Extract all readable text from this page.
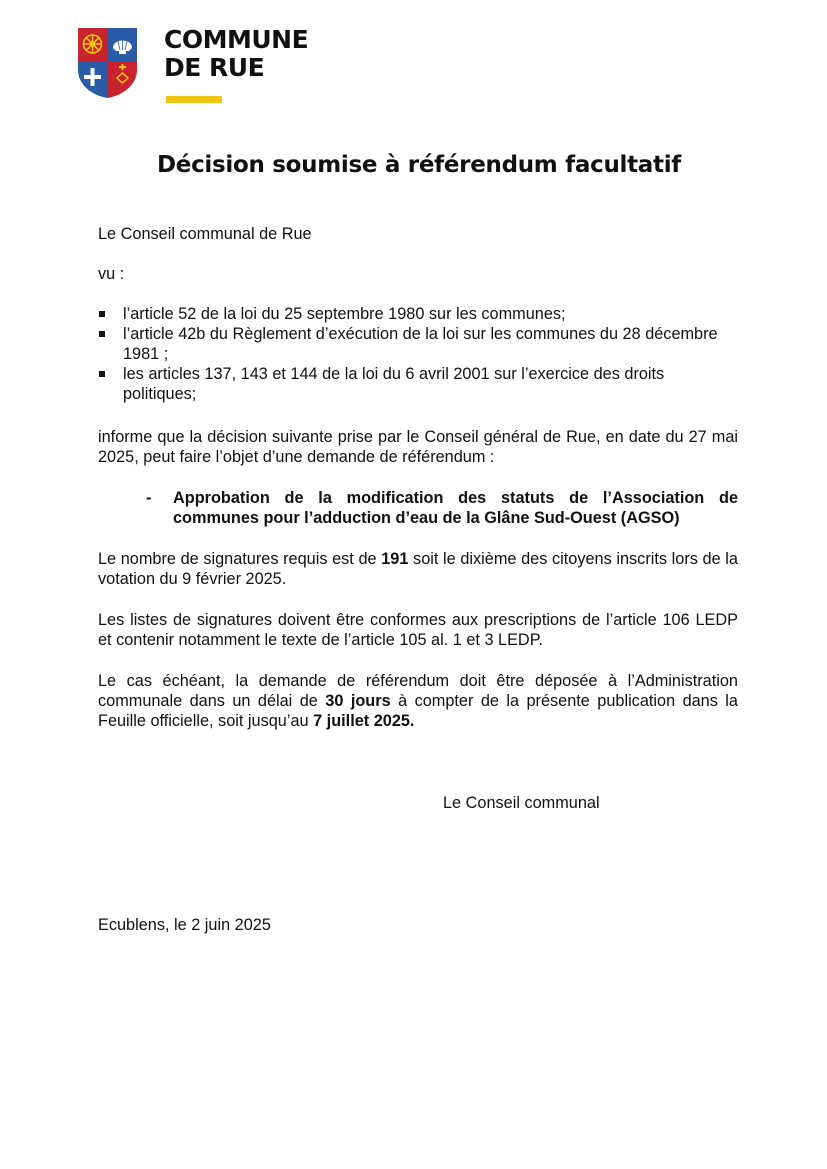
COMMUNE
DE RUE
Décision soumise à référendum facultatif
Le Conseil communal de Rue
vu :
l’article 52 de la loi du 25 septembre 1980 sur les communes;
l’article 42b du Règlement d’exécution de la loi sur les communes du 28 décembre 1981 ;
les articles 137, 143 et 144 de la loi du 6 avril 2001 sur l’exercice des droits politiques;
informe que la décision suivante prise par le Conseil général de Rue, en date du 27 mai 2025, peut faire l’objet d’une demande de référendum :
- Approbation de la modification des statuts de l’Association de communes pour l’adduction d’eau de la Glâne Sud-Ouest (AGSO)
Le nombre de signatures requis est de 191 soit le dixième des citoyens inscrits lors de la votation du 9 février 2025.
Les listes de signatures doivent être conformes aux prescriptions de l’article 106 LEDP et contenir notamment le texte de l’article 105 al. 1 et 3 LEDP.
Le cas échéant, la demande de référendum doit être déposée à l’Administration communale dans un délai de 30 jours à compter de la présente publication dans la Feuille officielle, soit jusqu’au 7 juillet 2025.
Le Conseil communal
Ecublens, le 2 juin 2025
